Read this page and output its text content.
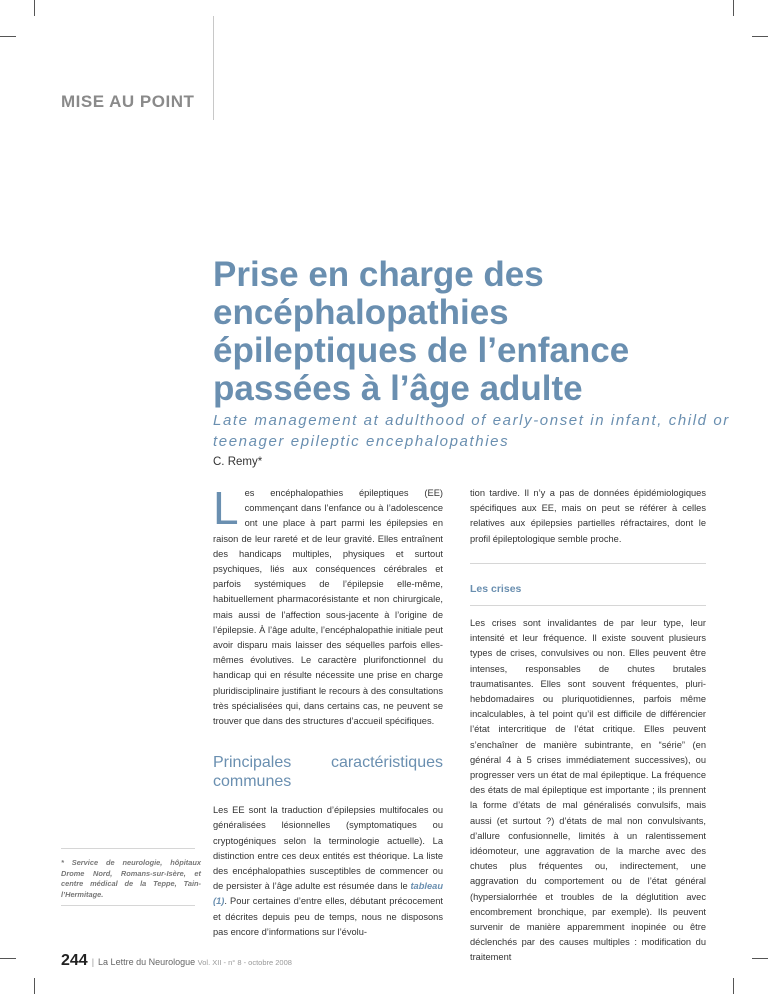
MISE AU POINT
Prise en charge des encéphalopathies épileptiques de l’enfance passées à l’âge adulte

Late management at adulthood of early-onset in infant, child or teenager epileptic encephalopathies

C. Remy*

Les encéphalopathies épileptiques (EE) commençant dans l’enfance ou à l’adolescence ont une place à part parmi les épilepsies en raison de leur rareté et de leur gravité. Elles entraînent des handicaps multiples, physiques et surtout psychiques, liés aux conséquences cérébrales et parfois systémiques de l’épilepsie elle-même, habituellement pharmacorésistante et non chirurgicale, mais aussi de l’affection sous-jacente à l’origine de l’épilepsie. À l’âge adulte, l’encéphalopathie initiale peut avoir disparu mais laisser des séquelles parfois elles-mêmes évolutives. Le caractère plurifonctionnel du handicap qui en résulte nécessite une prise en charge pluridisciplinaire justifiant le recours à des consultations très spécialisées qui, dans certains cas, ne peuvent se trouver que dans des structures d’accueil spécifiques.

Principales caractéristiques communes

Les EE sont la traduction d’épilepsies multifocales ou généralisées lésionnelles (symptomatiques ou cryptogéniques selon la terminologie actuelle). La distinction entre ces deux entités est théorique. La liste des encéphalopathies susceptibles de commencer ou de persister à l’âge adulte est résumée dans le tableau (1). Pour certaines d’entre elles, débutant précocement et décrites depuis peu de temps, nous ne disposons pas encore d’informations sur l’évolu-

tion tardive. Il n’y a pas de données épidémiologiques spécifiques aux EE, mais on peut se référer à celles relatives aux épilepsies partielles réfractaires, dont le profil épileptologique semble proche.

Les crises

Les crises sont invalidantes de par leur type, leur intensité et leur fréquence. Il existe souvent plusieurs types de crises, convulsives ou non. Elles peuvent être intenses, responsables de chutes brutales traumatisantes. Elles sont souvent fréquentes, pluri-hebdomadaires ou pluriquotidiennes, parfois même incalculables, à tel point qu’il est difficile de différencier l’état intercritique de l’état critique. Elles peuvent s’enchaîner de manière subintrante, en “série” (en général 4 à 5 crises immédiatement successives), ou progresser vers un état de mal épileptique. La fréquence des états de mal épileptique est importante ; ils prennent la forme d’états de mal généralisés convulsifs, mais aussi (et surtout ?) d’états de mal non convulsivants, d’allure confusionnelle, limités à un ralentissement idéomoteur, une aggravation de la marche avec des chutes plus fréquentes ou, indirectement, une aggravation du comportement ou de l’état général (hypersialorrhée et troubles de la déglutition avec encombrement bronchique, par exemple). Ils peuvent survenir de manière apparemment inopinée ou être déclenchés par des causes multiples : modification du traitement

* Service de neurologie, hôpitaux Drome Nord, Romans-sur-Isère, et centre médical de la Teppe, Tain-l’Hermitage.
244 | La Lettre du Neurologue Vol. XII - n° 8 - octobre 2008
